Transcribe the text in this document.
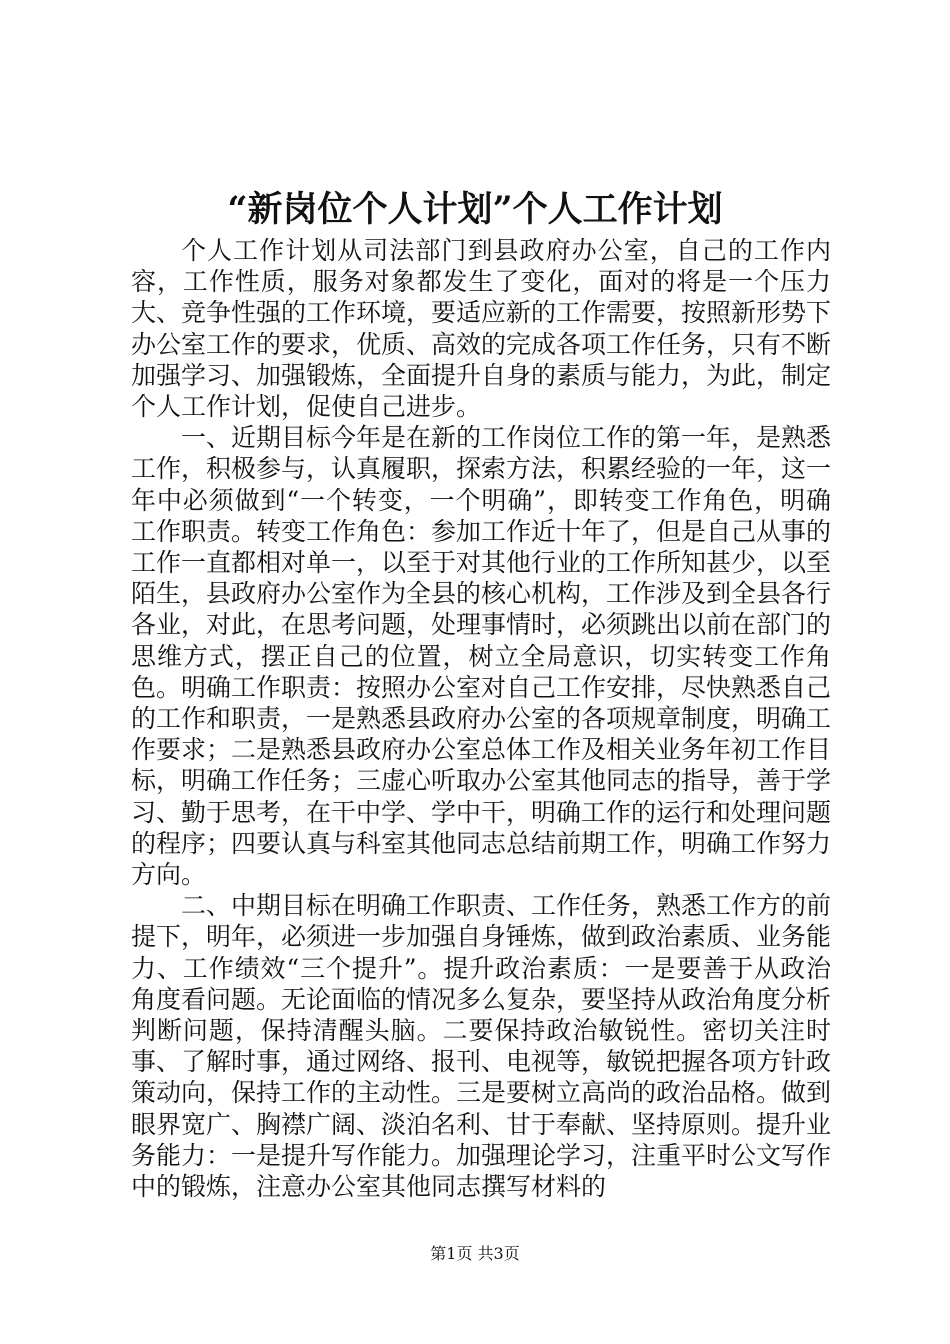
“新岗位个人计划”个人工作计划

个人工作计划从司法部门到县政府办公室，自己的工作内容，工作性质，服务对象都发生了变化，面对的将是一个压力大、竞争性强的工作环境，要适应新的工作需要，按照新形势下办公室工作的要求，优质、高效的完成各项工作任务，只有不断加强学习、加强锻炼，全面提升自身的素质与能力，为此，制定个人工作计划，促使自己进步。

一、近期目标今年是在新的工作岗位工作的第一年，是熟悉工作，积极参与，认真履职，探索方法，积累经验的一年，这一年中必须做到“一个转变，一个明确”，即转变工作角色，明确工作职责。转变工作角色：参加工作近十年了，但是自己从事的工作一直都相对单一，以至于对其他行业的工作所知甚少，以至陌生，县政府办公室作为全县的核心机构，工作涉及到全县各行各业，对此，在思考问题，处理事情时，必须跳出以前在部门的思维方式，摆正自己的位置，树立全局意识，切实转变工作角色。明确工作职责：按照办公室对自己工作安排，尽快熟悉自己的工作和职责，一是熟悉县政府办公室的各项规章制度，明确工作要求；二是熟悉县政府办公室总体工作及相关业务年初工作目标，明确工作任务；三虚心听取办公室其他同志的指导，善于学习、勤于思考，在干中学、学中干，明确工作的运行和处理问题的程序；四要认真与科室其他同志总结前期工作，明确工作努力方向。

二、中期目标在明确工作职责、工作任务，熟悉工作方的前提下，明年，必须进一步加强自身锤炼，做到政治素质、业务能力、工作绩效“三个提升”。提升政治素质：一是要善于从政治角度看问题。无论面临的情况多么复杂，要坚持从政治角度分析判断问题，保持清醒头脑。二要保持政治敏锐性。密切关注时事、了解时事，通过网络、报刊、电视等，敏锐把握各项方针政策动向，保持工作的主动性。三是要树立高尚的政治品格。做到眼界宽广、胸襟广阔、淡泊名利、甘于奉献、坚持原则。提升业务能力：一是提升写作能力。加强理论学习，注重平时公文写作中的锻炼，注意办公室其他同志撰写材料的

第1页 共3页
